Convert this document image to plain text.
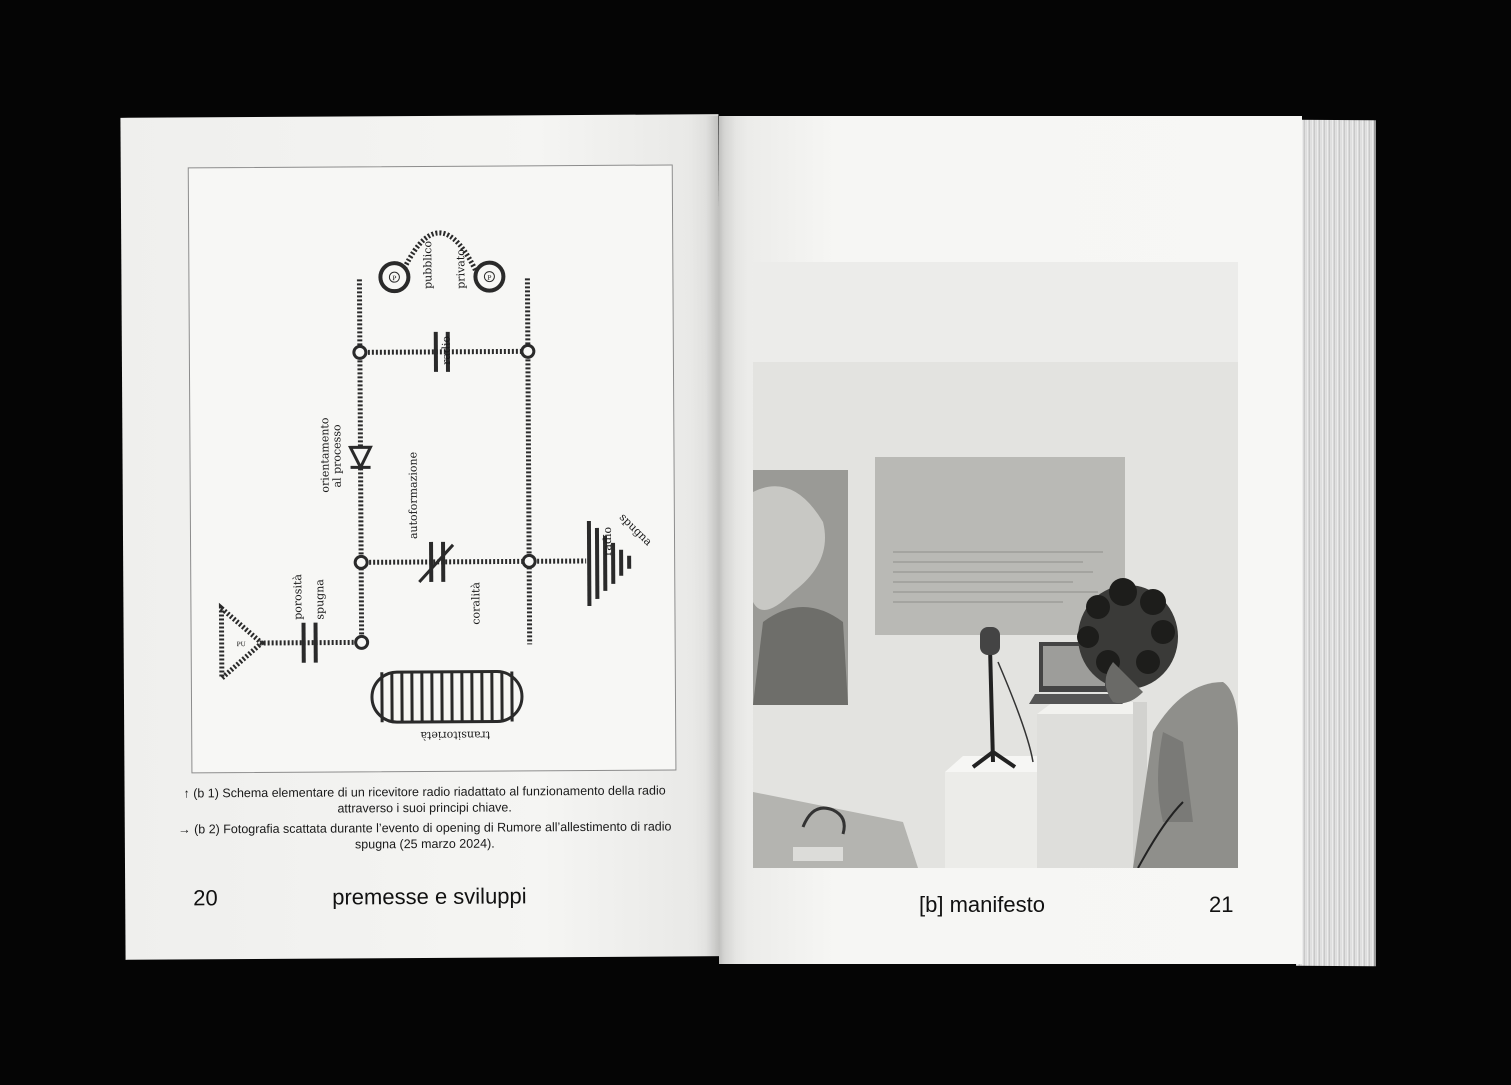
P	P
PU
pubblico privato
radio
orientamento
al processo	autoformazione
coralità
porosità spugna
spugna
radio
transitorietà

↑ (b 1) Schema elementare di un ricevitore radio riadattato al funzionamento della radio attraverso i suoi principi chiave.

→ (b 2) Fotografia scattata durante l’evento di opening di Rumore all’allestimento di radio spugna (25 marzo 2024).

20	premesse e sviluppi	[b] manifesto	21
